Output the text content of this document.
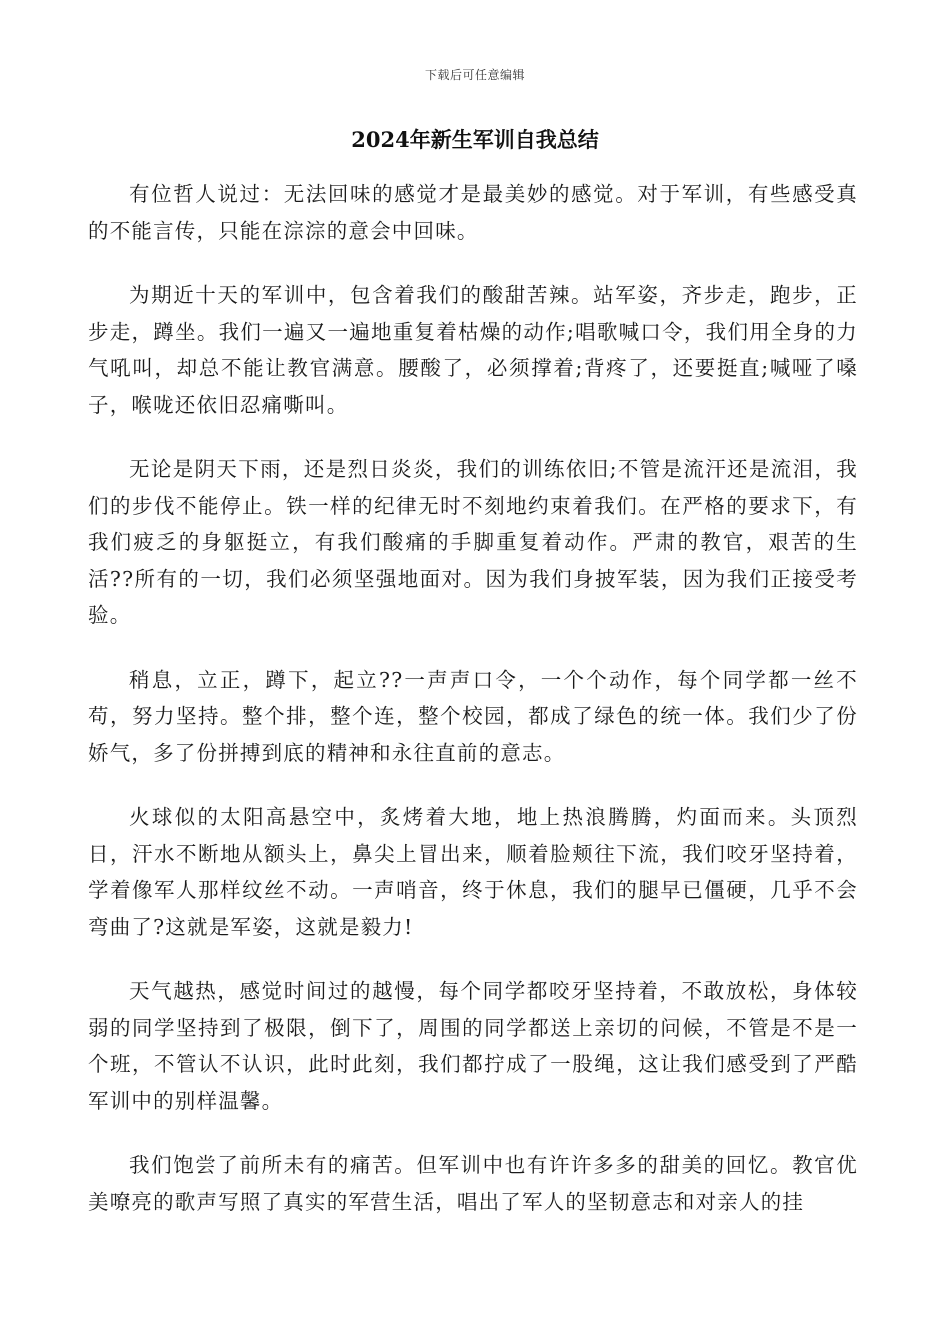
下载后可任意编辑
2024年新生军训自我总结

有位哲人说过：无法回味的感觉才是最美妙的感觉。对于军训，有些感受真的不能言传，只能在淙淙的意会中回味。

为期近十天的军训中，包含着我们的酸甜苦辣。站军姿，齐步走，跑步，正步走，蹲坐。我们一遍又一遍地重复着枯燥的动作;唱歌喊口令，我们用全身的力气吼叫，却总不能让教官满意。腰酸了，必须撑着;背疼了，还要挺直;喊哑了嗓子，喉咙还依旧忍痛嘶叫。

无论是阴天下雨，还是烈日炎炎，我们的训练依旧;不管是流汗还是流泪，我们的步伐不能停止。铁一样的纪律无时不刻地约束着我们。在严格的要求下，有我们疲乏的身躯挺立，有我们酸痛的手脚重复着动作。严肃的教官，艰苦的生活??所有的一切，我们必须坚强地面对。因为我们身披军装，因为我们正接受考验。

稍息，立正，蹲下，起立??一声声口令，一个个动作，每个同学都一丝不苟，努力坚持。整个排，整个连，整个校园，都成了绿色的统一体。我们少了份娇气，多了份拼搏到底的精神和永往直前的意志。

火球似的太阳高悬空中，炙烤着大地，地上热浪腾腾，灼面而来。头顶烈日，汗水不断地从额头上，鼻尖上冒出来，顺着脸颊往下流，我们咬牙坚持着，学着像军人那样纹丝不动。一声哨音，终于休息，我们的腿早已僵硬，几乎不会弯曲了?这就是军姿，这就是毅力!

天气越热，感觉时间过的越慢，每个同学都咬牙坚持着，不敢放松，身体较弱的同学坚持到了极限，倒下了，周围的同学都送上亲切的问候，不管是不是一个班，不管认不认识，此时此刻，我们都拧成了一股绳，这让我们感受到了严酷军训中的别样温馨。

我们饱尝了前所未有的痛苦。但军训中也有许许多多的甜美的回忆。教官优美嘹亮的歌声写照了真实的军营生活，唱出了军人的坚韧意志和对亲人的挂
